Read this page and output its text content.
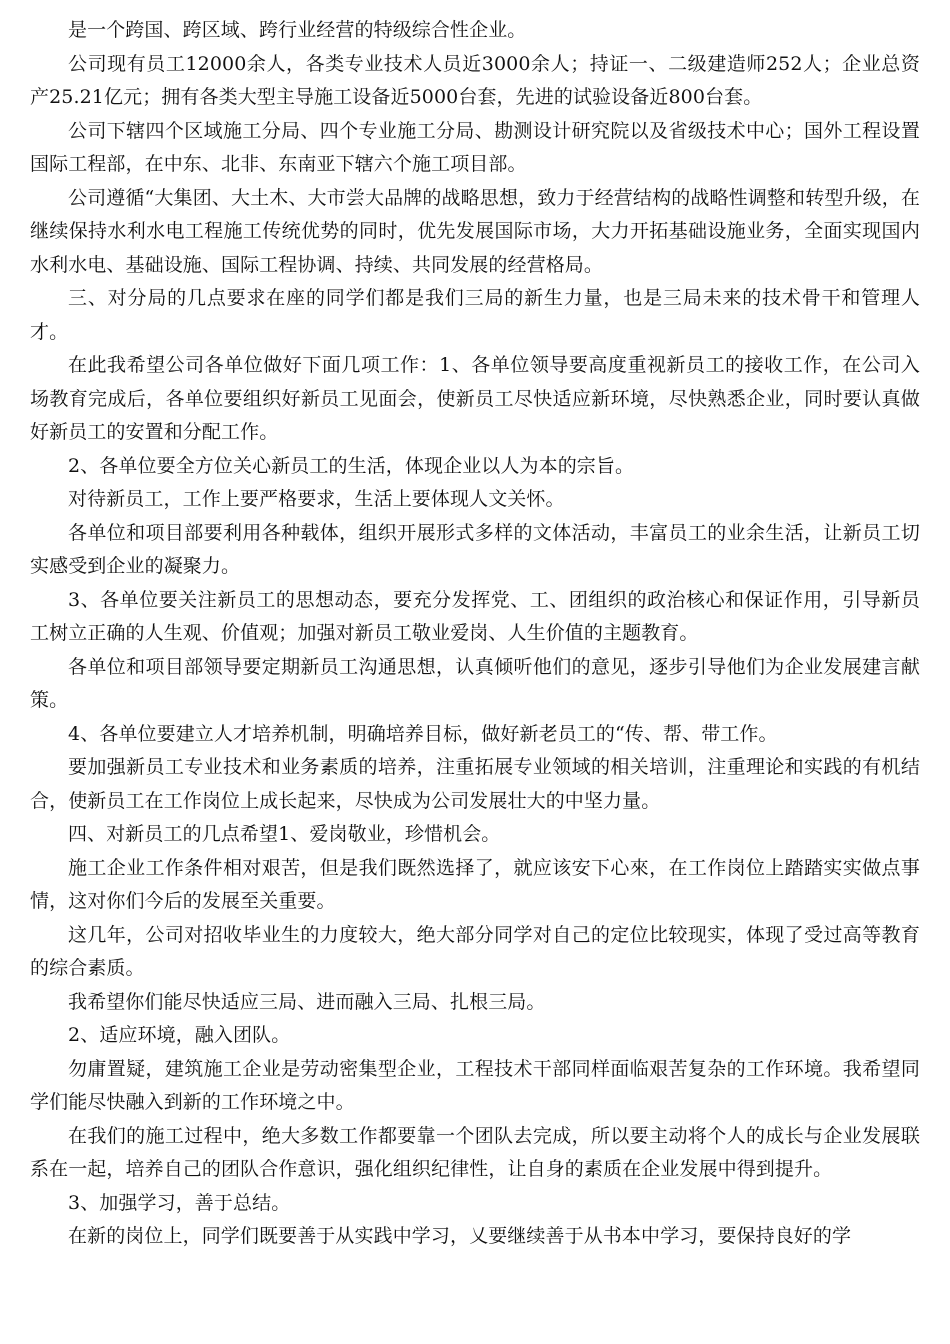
是一个跨国、跨区域、跨行业经营的特级综合性企业。

公司现有员工12000余人，各类专业技术人员近3000余人；持证一、二级建造师252人；企业总资产25.21亿元；拥有各类大型主导施工设备近5000台套，先进的试验设备近800台套。

公司下辖四个区域施工分局、四个专业施工分局、勘测设计研究院以及省级技术中心；国外工程设置国际工程部，在中东、北非、东南亚下辖六个施工项目部。

公司遵循“大集团、大土木、大市尝大品牌的战略思想，致力于经营结构的战略性调整和转型升级，在继续保持水利水电工程施工传统优势的同时，优先发展国际市场，大力开拓基础设施业务，全面实现国内水利水电、基础设施、国际工程协调、持续、共同发展的经营格局。

三、对分局的几点要求在座的同学们都是我们三局的新生力量，也是三局未来的技术骨干和管理人才。

在此我希望公司各单位做好下面几项工作：1、各单位领导要高度重视新员工的接收工作，在公司入场教育完成后，各单位要组织好新员工见面会，使新员工尽快适应新环境，尽快熟悉企业，同时要认真做好新员工的安置和分配工作。

2、各单位要全方位关心新员工的生活，体现企业以人为本的宗旨。

对待新员工，工作上要严格要求，生活上要体现人文关怀。

各单位和项目部要利用各种载体，组织开展形式多样的文体活动，丰富员工的业余生活，让新员工切实感受到企业的凝聚力。

3、各单位要关注新员工的思想动态，要充分发挥党、工、团组织的政治核心和保证作用，引导新员工树立正确的人生观、价值观；加强对新员工敬业爱岗、人生价值的主题教育。

各单位和项目部领导要定期新员工沟通思想，认真倾听他们的意见，逐步引导他们为企业发展建言献策。

4、各单位要建立人才培养机制，明确培养目标，做好新老员工的“传、帮、带工作。

要加强新员工专业技术和业务素质的培养，注重拓展专业领域的相关培训，注重理论和实践的有机结合，使新员工在工作岗位上成长起来，尽快成为公司发展壮大的中坚力量。

四、对新员工的几点希望1、爱岗敬业，珍惜机会。

施工企业工作条件相对艰苦，但是我们既然选择了，就应该安下心來，在工作岗位上踏踏实实做点事情，这对你们今后的发展至关重要。

这几年，公司对招收毕业生的力度较大，绝大部分同学对自己的定位比较现实，体现了受过高等教育的综合素质。

我希望你们能尽快适应三局、进而融入三局、扎根三局。

2、适应环境，融入团队。

勿庸置疑，建筑施工企业是劳动密集型企业，工程技术干部同样面临艰苦复杂的工作环境。我希望同学们能尽快融入到新的工作环境之中。

在我们的施工过程中，绝大多数工作都要靠一个团队去完成，所以要主动将个人的成长与企业发展联系在一起，培养自己的团队合作意识，强化组织纪律性，让自身的素质在企业发展中得到提升。

3、加强学习，善于总结。

在新的岗位上，同学们既要善于从实践中学习，乂要继续善于从书本中学习，要保持良好的学
